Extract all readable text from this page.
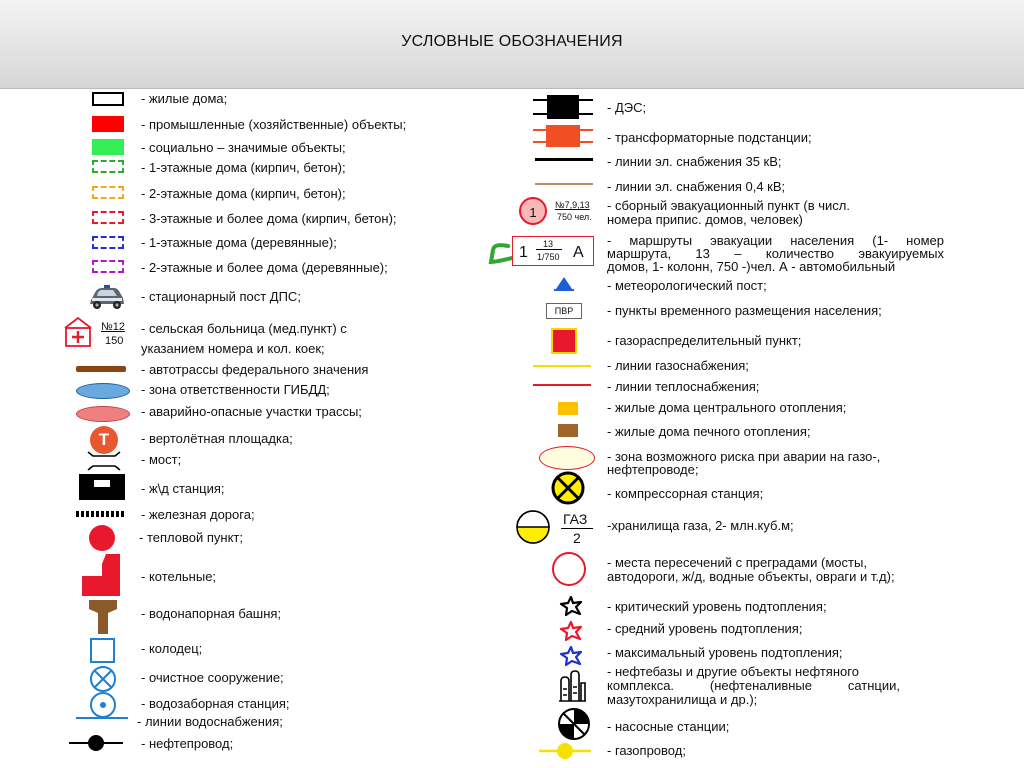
УСЛОВНЫЕ ОБОЗНАЧЕНИЯ
- жилые дома;
- промышленные (хозяйственные) объекты;
- социально – значимые объекты;
- 1-этажные дома (кирпич, бетон);
- 2-этажные дома (кирпич, бетон);
- 3-этажные и более дома (кирпич, бетон);
- 1-этажные дома (деревянные);
- 2-этажные и более дома (деревянные);
- стационарный пост ДПС;
№12
150
- сельская больница (мед.пункт) с
указанием номера и кол. коек;
- автотрассы федерального значения
- зона ответственности ГИБДД;
- аварийно-опасные участки трассы;
Т	- вертолётная площадка;
- мост;
- ж\д станция;
- железная дорога;
- тепловой пункт;
- котельные;
- водонапорная башня;
- колодец;
- очистное сооружение;
- водозаборная станция;
- линии водоснабжения;
- нефтепровод;
- ДЭС;
- трансформаторные подстанции;
- линии эл. снабжения 35 кВ;
- линии эл. снабжения 0,4 кВ;
1	№7,9,13
750 чел.
- сборный эвакуационный пункт (в числ.
номера припис. домов, человек)
1 13
1/750 А
- маршруты эвакуации населения (1- номер
маршрута, 13 – количество эвакуируемых
домов, 1- колонн, 750 -)чел. А - автомобильный
- метеорологический пост;
ПВР	- пункты временного размещения населения;
- газораспределительный пункт;
- линии газоснабжения;
- линии теплоснабжения;
- жилые дома центрального отопления;
- жилые дома печного отопления;
- зона возможного риска при аварии на газо-,
нефтепроводе;
- компрессорная станция;
ГАЗ
2
-хранилища газа, 2- млн.куб.м;
- места пересечений с преградами (мосты,
автодороги, ж/д, водные объекты, овраги и т.д);
- критический уровень подтопления;
- средний уровень подтопления;
- максимальный уровень подтопления;
- нефтебазы и другие объекты нефтяного
комплекса. (нефтеналивные сатнции,
мазутохранилища и др.);
- насосные станции;
- газопровод;
